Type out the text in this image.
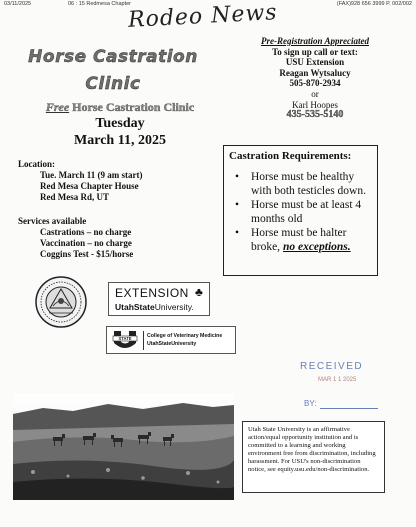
03/11/2025	06 : 15 Redmesa Chapter	(FAX)928 656 3999 P. 002/002
Rodeo News
Horse Castration
Clinic
Pre-Registration Appreciated
To sign up call or text:
USU Extension
Reagan Wytsalucy
505-870-2934
or
Karl Hoopes
435-535-5140
Free Horse Castration Clinic
Tuesday
March 11, 2025
Location:
Tue. March 11 (9 am start)
Red Mesa Chapter House
Red Mesa Rd, UT
Services available
Castrations – no charge
Vaccination – no charge
Coggins Test - $15/horse
Castration Requirements:
• Horse must be healthy with both testicles down.
• Horse must be at least 4 months old
• Horse must be halter broke, no exceptions.
EXTENSION ♣
UtahStateUniversity.
STATE	College of Veterinary Medicine
UtahStateUniversity
RECEIVED
MAR 1 1 2025
BY:
Utah State University is an affirmative action/equal opportunity institution and is committed to a learning and working environment free from discrimination, including harassment. For USU's non-discrimination notice, see equity.usu.edu/non-discrimination.
